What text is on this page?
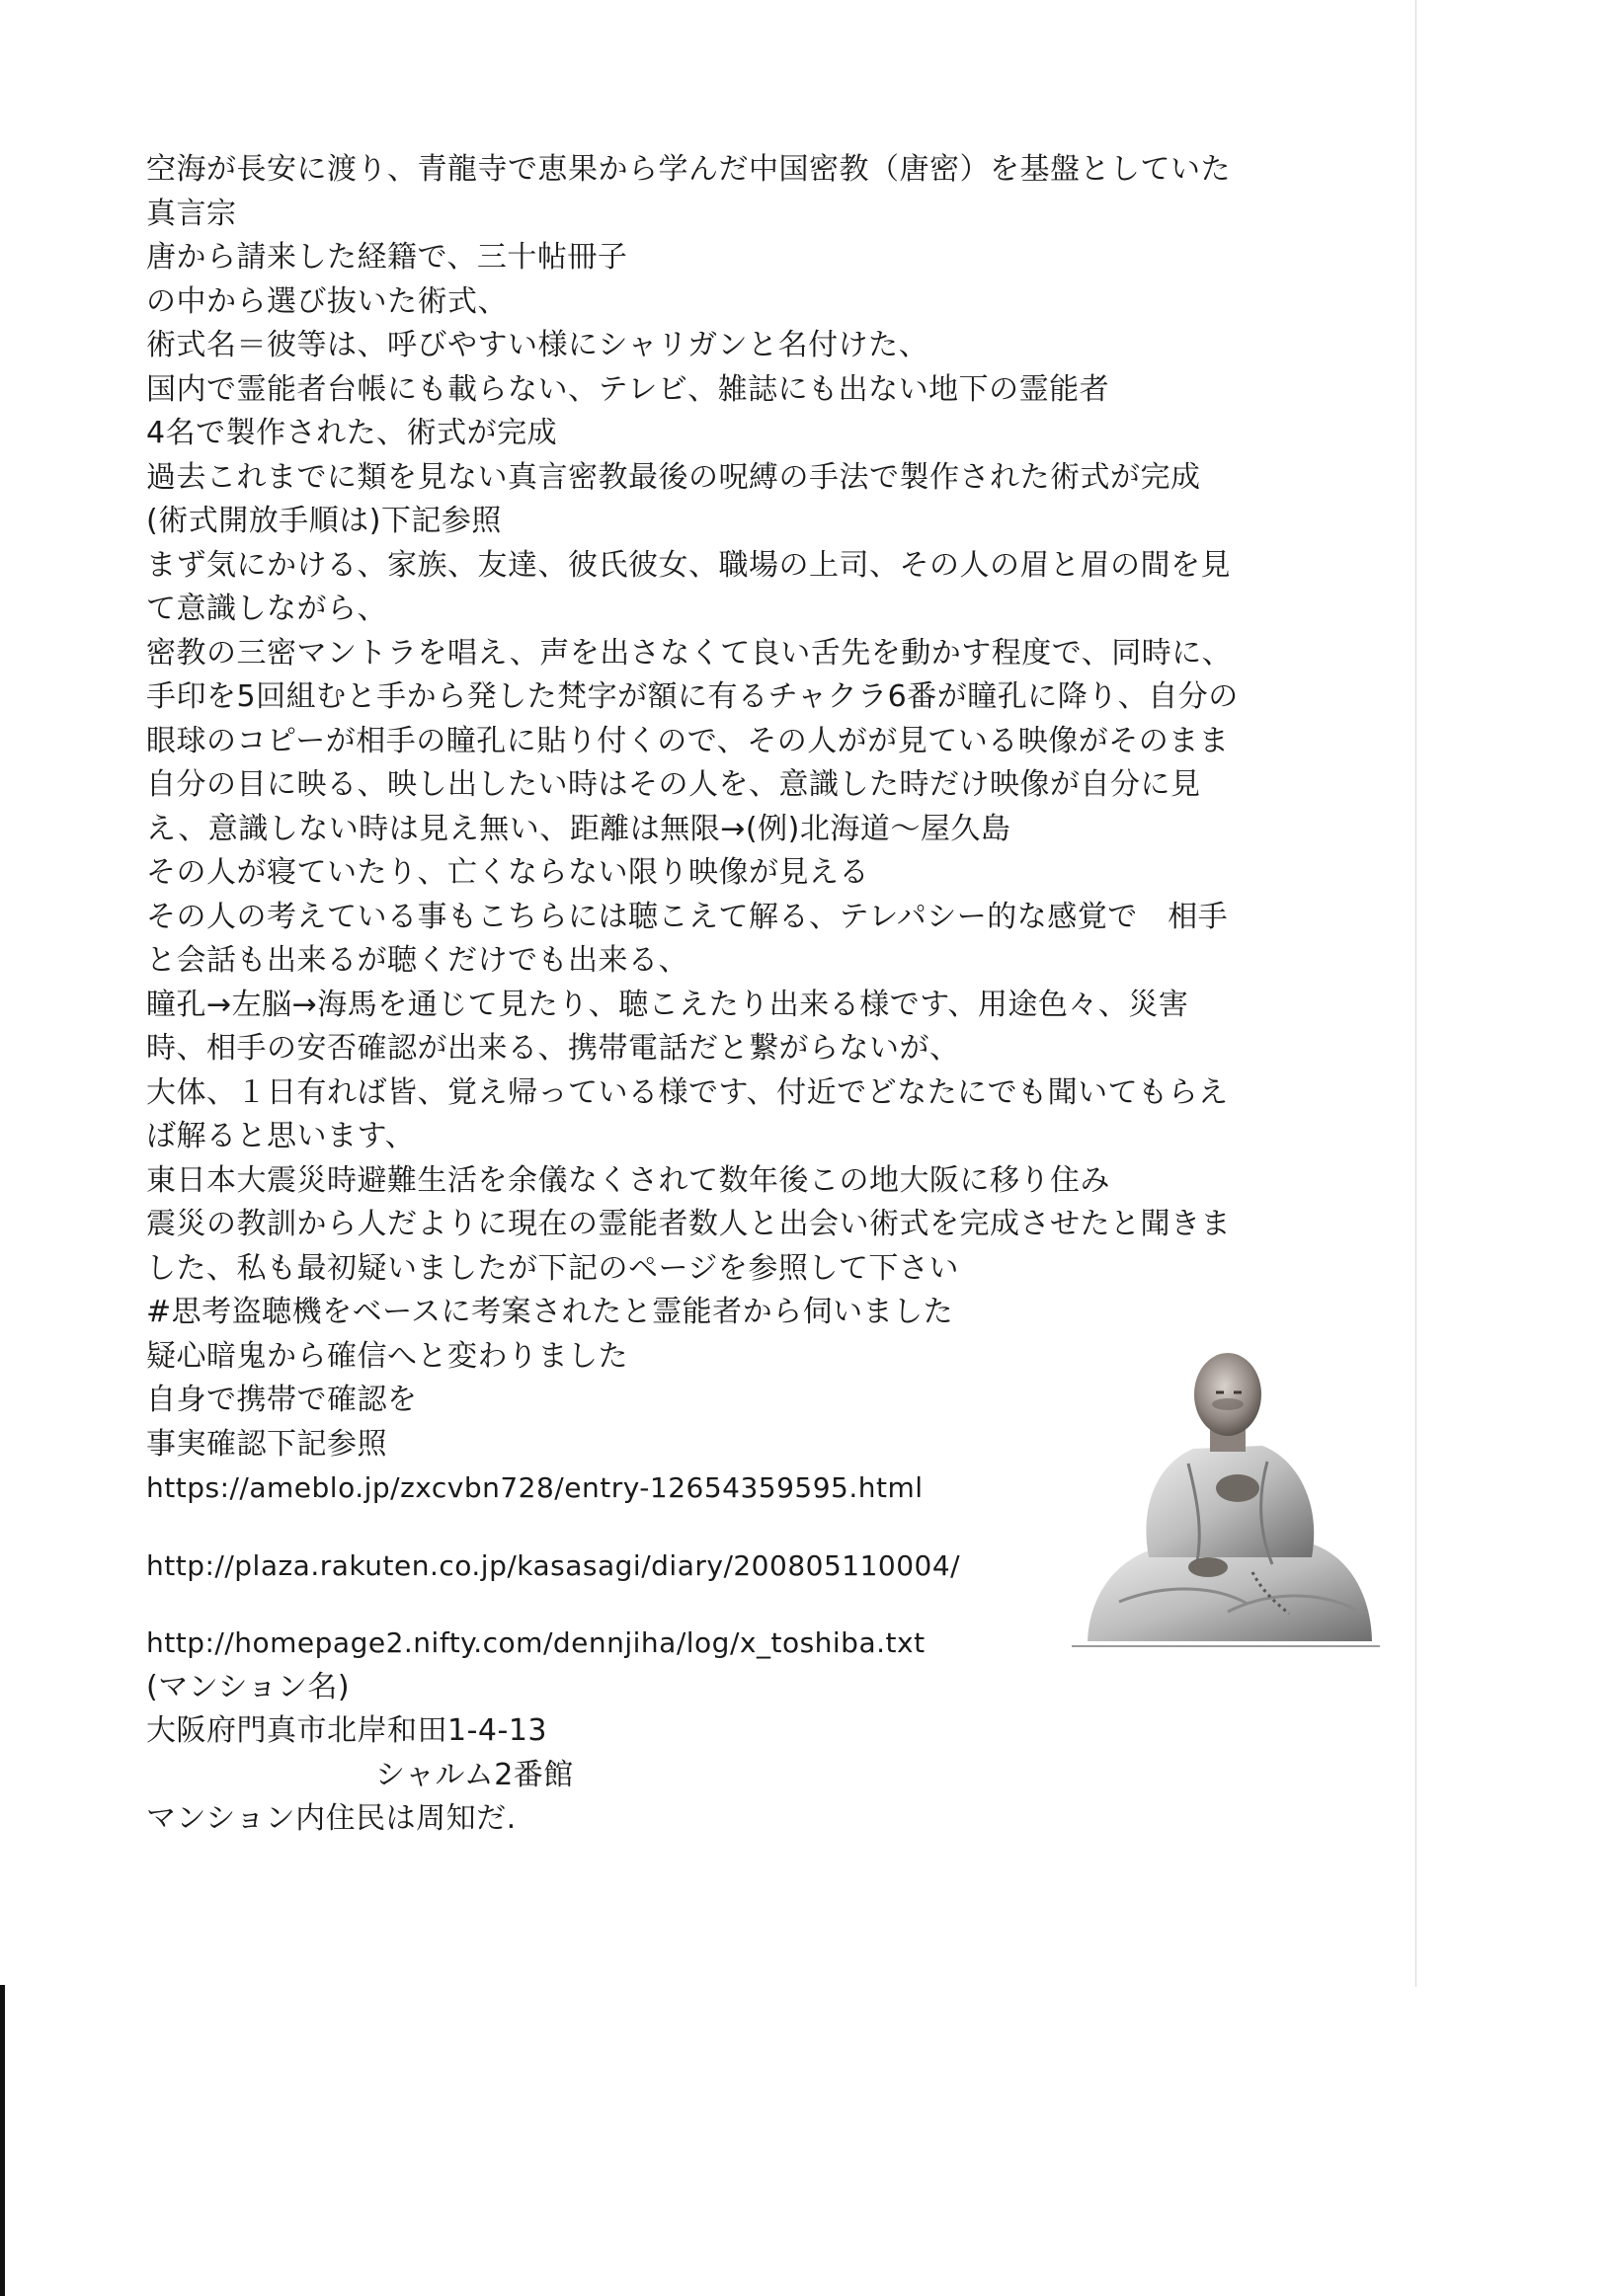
空海が長安に渡り、青龍寺で恵果から学んだ中国密教（唐密）を基盤としていた
真言宗
唐から請来した経籍で、三十帖冊子
の中から選び抜いた術式、
術式名＝彼等は、呼びやすい様にシャリガンと名付けた、
国内で霊能者台帳にも載らない、テレビ、雑誌にも出ない地下の霊能者
4名で製作された、術式が完成
過去これまでに類を見ない真言密教最後の呪縛の手法で製作された術式が完成
(術式開放手順は)下記参照
まず気にかける、家族、友達、彼氏彼女、職場の上司、その人の眉と眉の間を見
て意識しながら、
密教の三密マントラを唱え、声を出さなくて良い舌先を動かす程度で、同時に、
手印を5回組むと手から発した梵字が額に有るチャクラ6番が瞳孔に降り、自分の
眼球のコピーが相手の瞳孔に貼り付くので、その人がが見ている映像がそのまま
自分の目に映る、映し出したい時はその人を、意識した時だけ映像が自分に見
え、意識しない時は見え無い、距離は無限→(例)北海道〜屋久島
その人が寝ていたり、亡くならない限り映像が見える
その人の考えている事もこちらには聴こえて解る、テレパシー的な感覚で　相手
と会話も出来るが聴くだけでも出来る、
瞳孔→左脳→海馬を通じて見たり、聴こえたり出来る様です、用途色々、災害
時、相手の安否確認が出来る、携帯電話だと繋がらないが、
大体、１日有れば皆、覚え帰っている様です、付近でどなたにでも聞いてもらえ
ば解ると思います、
東日本大震災時避難生活を余儀なくされて数年後この地大阪に移り住み
震災の教訓から人だよりに現在の霊能者数人と出会い術式を完成させたと聞きま
した、私も最初疑いましたが下記のページを参照して下さい
#思考盗聴機をベースに考案されたと霊能者から伺いました
疑心暗鬼から確信へと変わりました
自身で携帯で確認を
事実確認下記参照
https://ameblo.jp/zxcvbn728/entry-12654359595.html
http://plaza.rakuten.co.jp/kasasagi/diary/200805110004/
http://homepage2.nifty.com/dennjiha/log/x_toshiba.txt
(マンション名)
大阪府門真市北岸和田1-4-13
シャルム2番館
マンション内住民は周知だ.
